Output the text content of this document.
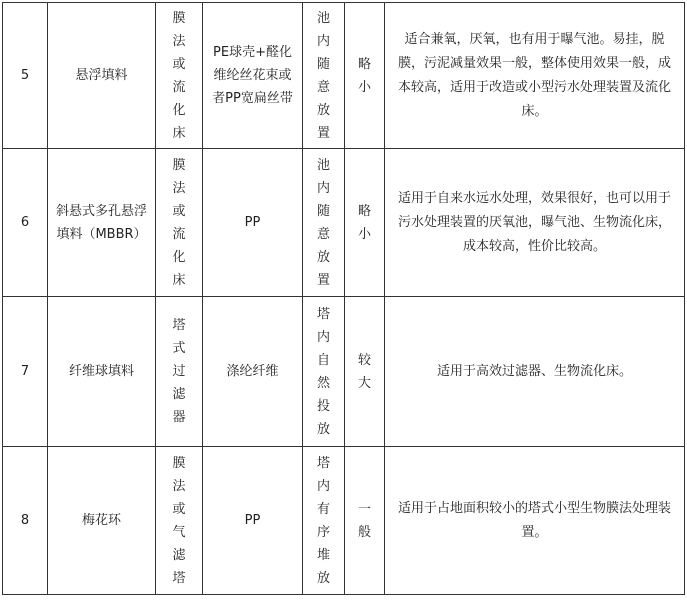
5	悬浮填料	膜法或流化床	PE球壳+醛化维纶丝花束或者PP宽扁丝带	池内随意放置	略小	适合兼氧，厌氧，也有用于曝气池。易挂，脱膜，污泥减量效果一般，整体使用效果一般，成本较高，适用于改造或小型污水处理装置及流化床。
6	斜悬式多孔悬浮填料（MBBR）	膜法或流化床	PP	池内随意放置	略小	适用于自来水远水处理，效果很好，也可以用于污水处理装置的厌氧池，曝气池、生物流化床，成本较高，性价比较高。
7	纤维球填料	塔式过滤器	涤纶纤维	塔内自然投放	较大	适用于高效过滤器、生物流化床。
8	梅花环	膜法或气滤塔	PP	塔内有序堆放	一般	适用于占地面积较小的塔式小型生物膜法处理装置。
